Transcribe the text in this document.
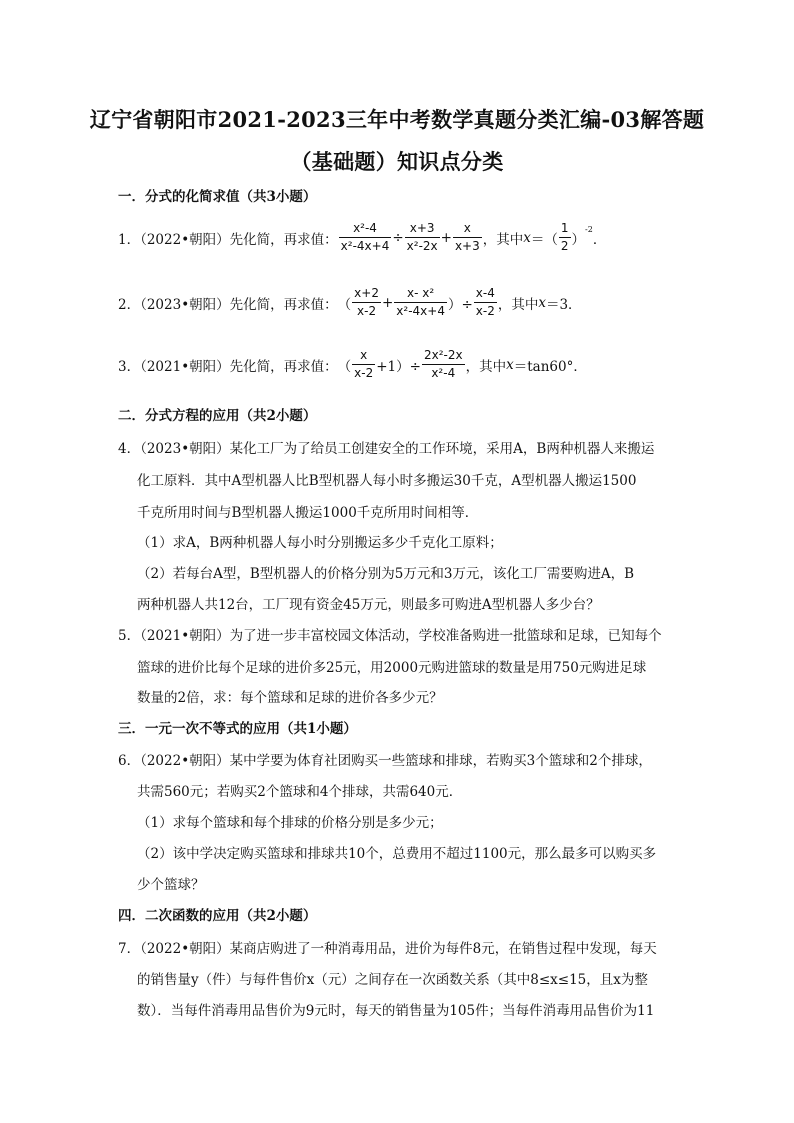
辽宁省朝阳市2021-2023三年中考数学真题分类汇编-03解答题
（基础题）知识点分类
一．分式的化简求值（共3小题）
1．（2022•朝阳）先化简，再求值： $\frac{\text{x²-4}}{\text{x²-4x+4}} \div \frac{x+3}{\text{x²-2x}} + \frac{x}{x+3}$ ，其中 x ＝（ $\frac{1}{2}$ ）
$^{-2}$
．
2．（2023•朝阳）先化简，再求值： （ $\frac{x+2}{x-2} + \frac{\text{x- x²}}{\text{x²-4x+4}}$ ）÷ $\frac{x-4}{x-2}$ ，其中 x ＝3．
3．（2021•朝阳）先化简，再求值： （ $\frac{x}{x-2} +1)\div \frac{\text{2x²-2x}}{\text{x²-4}}$ ，其中 x ＝tan60°．
二．分式方程的应用（共2小题）
4．（2023•朝阳）某化工厂为了给员工创建安全的工作环境，采用A，B两种机器人来搬运
化工原料．其中A型机器人比B型机器人每小时多搬运30千克，A型机器人搬运1500
千克所用时间与B型机器人搬运1000千克所用时间相等．
（1）求A，B两种机器人每小时分别搬运多少千克化工原料；
（2）若每台A型，B型机器人的价格分别为5万元和3万元，该化工厂需要购进A，B
两种机器人共12台，工厂现有资金45万元，则最多可购进A型机器人多少台？
5．（2021•朝阳）为了进一步丰富校园文体活动，学校准备购进一批篮球和足球，已知每个
篮球的进价比每个足球的进价多25元，用2000元购进篮球的数量是用750元购进足球
数量的2倍，求：每个篮球和足球的进价各多少元？
三．一元一次不等式的应用（共1小题）
6．（2022•朝阳）某中学要为体育社团购买一些篮球和排球，若购买3个篮球和2个排球，
共需560元；若购买2个篮球和4个排球，共需640元．
（1）求每个篮球和每个排球的价格分别是多少元；
（2）该中学决定购买篮球和排球共10个，总费用不超过1100元，那么最多可以购买多
少个篮球？
四．二次函数的应用（共2小题）
7．（2022•朝阳）某商店购进了一种消毒用品，进价为每件8元，在销售过程中发现，每天
的销售量y（件）与每件售价x（元）之间存在一次函数关系（其中8≤x≤15，且x为整
数）．当每件消毒用品售价为9元时，每天的销售量为105件；当每件消毒用品售价为11
